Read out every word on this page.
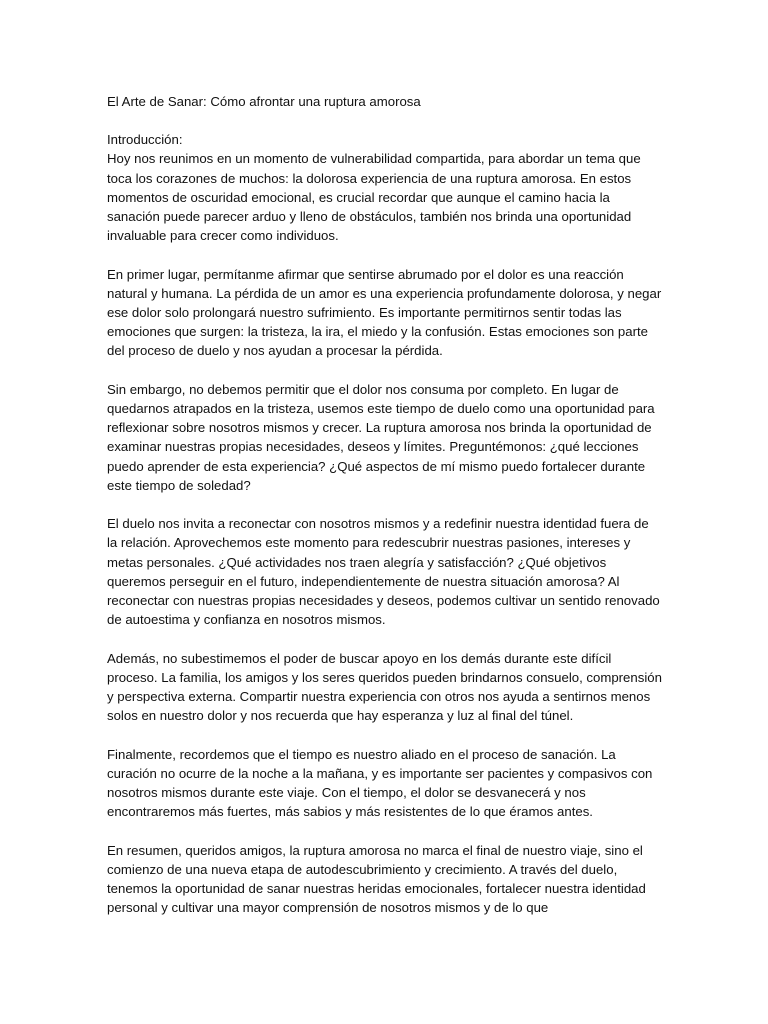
El Arte de Sanar: Cómo afrontar una ruptura amorosa

Introducción:

Hoy nos reunimos en un momento de vulnerabilidad compartida, para abordar un tema que toca los corazones de muchos: la dolorosa experiencia de una ruptura amorosa. En estos momentos de oscuridad emocional, es crucial recordar que aunque el camino hacia la sanación puede parecer arduo y lleno de obstáculos, también nos brinda una oportunidad invaluable para crecer como individuos.

En primer lugar, permítanme afirmar que sentirse abrumado por el dolor es una reacción natural y humana. La pérdida de un amor es una experiencia profundamente dolorosa, y negar ese dolor solo prolongará nuestro sufrimiento. Es importante permitirnos sentir todas las emociones que surgen: la tristeza, la ira, el miedo y la confusión. Estas emociones son parte del proceso de duelo y nos ayudan a procesar la pérdida.

Sin embargo, no debemos permitir que el dolor nos consuma por completo. En lugar de quedarnos atrapados en la tristeza, usemos este tiempo de duelo como una oportunidad para reflexionar sobre nosotros mismos y crecer. La ruptura amorosa nos brinda la oportunidad de examinar nuestras propias necesidades, deseos y límites. Preguntémonos: ¿qué lecciones puedo aprender de esta experiencia? ¿Qué aspectos de mí mismo puedo fortalecer durante este tiempo de soledad?

El duelo nos invita a reconectar con nosotros mismos y a redefinir nuestra identidad fuera de la relación. Aprovechemos este momento para redescubrir nuestras pasiones, intereses y metas personales. ¿Qué actividades nos traen alegría y satisfacción? ¿Qué objetivos queremos perseguir en el futuro, independientemente de nuestra situación amorosa? Al reconectar con nuestras propias necesidades y deseos, podemos cultivar un sentido renovado de autoestima y confianza en nosotros mismos.

Además, no subestimemos el poder de buscar apoyo en los demás durante este difícil proceso. La familia, los amigos y los seres queridos pueden brindarnos consuelo, comprensión y perspectiva externa. Compartir nuestra experiencia con otros nos ayuda a sentirnos menos solos en nuestro dolor y nos recuerda que hay esperanza y luz al final del túnel.

Finalmente, recordemos que el tiempo es nuestro aliado en el proceso de sanación. La curación no ocurre de la noche a la mañana, y es importante ser pacientes y compasivos con nosotros mismos durante este viaje. Con el tiempo, el dolor se desvanecerá y nos encontraremos más fuertes, más sabios y más resistentes de lo que éramos antes.

En resumen, queridos amigos, la ruptura amorosa no marca el final de nuestro viaje, sino el comienzo de una nueva etapa de autodescubrimiento y crecimiento. A través del duelo, tenemos la oportunidad de sanar nuestras heridas emocionales, fortalecer nuestra identidad personal y cultivar una mayor comprensión de nosotros mismos y de lo que
